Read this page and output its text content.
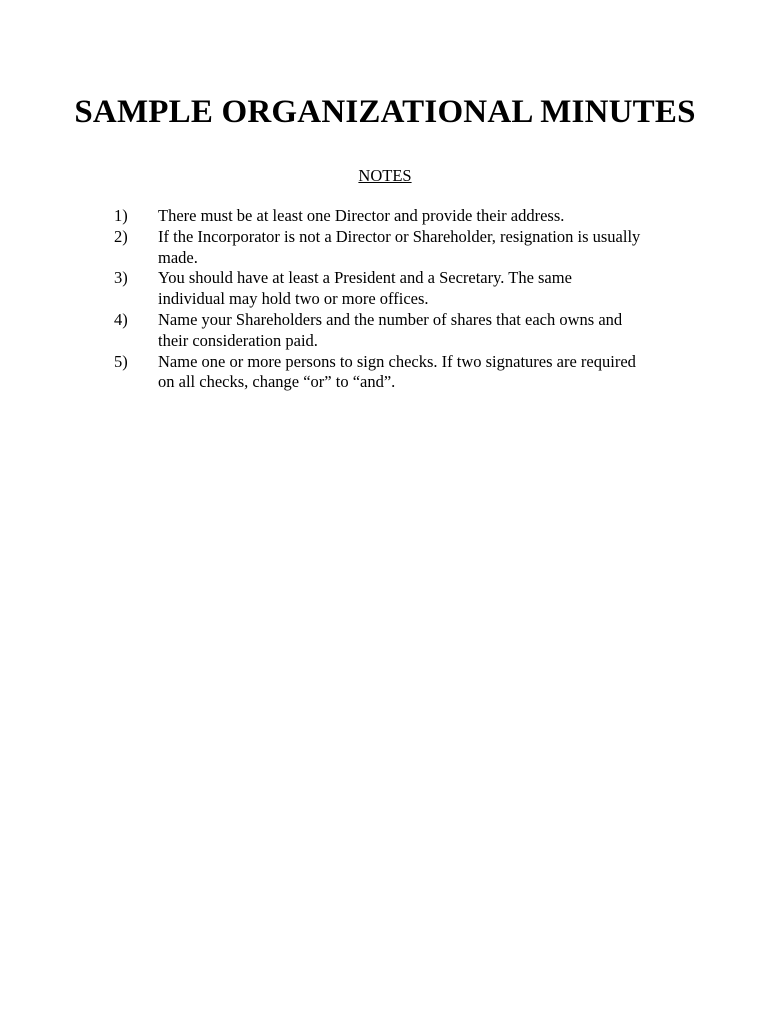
SAMPLE ORGANIZATIONAL MINUTES
NOTES
1)	There must be at least one Director and provide their address.
2)	If the Incorporator is not a Director or Shareholder, resignation is usually
made.
3)	You should have at least a President and a Secretary. The same
individual may hold two or more offices.
4)	Name your Shareholders and the number of shares that each owns and
their consideration paid.
5)	Name one or more persons to sign checks. If two signatures are required
on all checks, change “or” to “and”.
